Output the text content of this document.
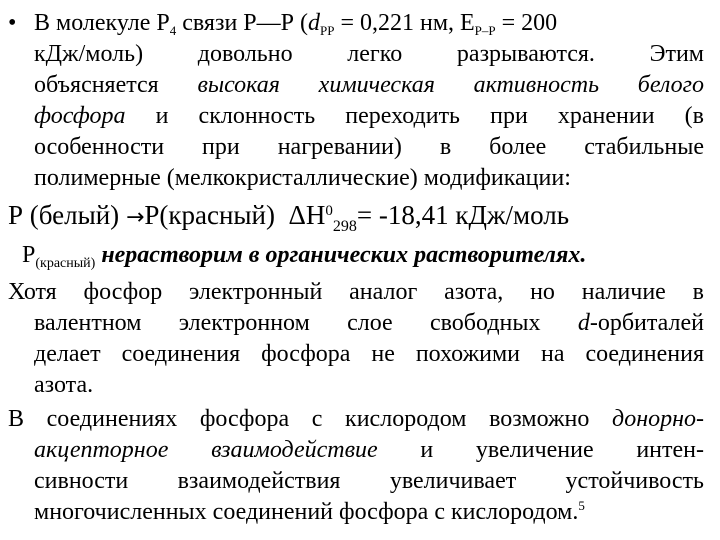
• В молекуле $P_4$ связи Р—Р ($d_{PP} = 0,221$ нм, $E_{P-P} = 200$
кДж/моль) довольно легко разрываются. Этим
объясняется высокая химическая активность белого
фосфора и склонность переходить при хранении (в
особенности при нагревании) в более стабильные
полимерные (мелкокристаллические) модификации:
Р (белый) →Р(красный)  $\Delta Н^0_{298}= -18,41$ кДж/моль
$Р_{(красный)}$ нерастворим в органических растворителях.
Хотя фосфор электронный аналог азота, но наличие в
валентном электронном слое свободных d-орбиталей
делает соединения фосфора не похожими на соединения
азота.
В соединениях фосфора с кислородом возможно донорно-
акцепторное взаимодействие и увеличение интен-
сивности взаимодействия увеличивает устойчивость
многочисленных соединений фосфора с кислородом.$^5$
